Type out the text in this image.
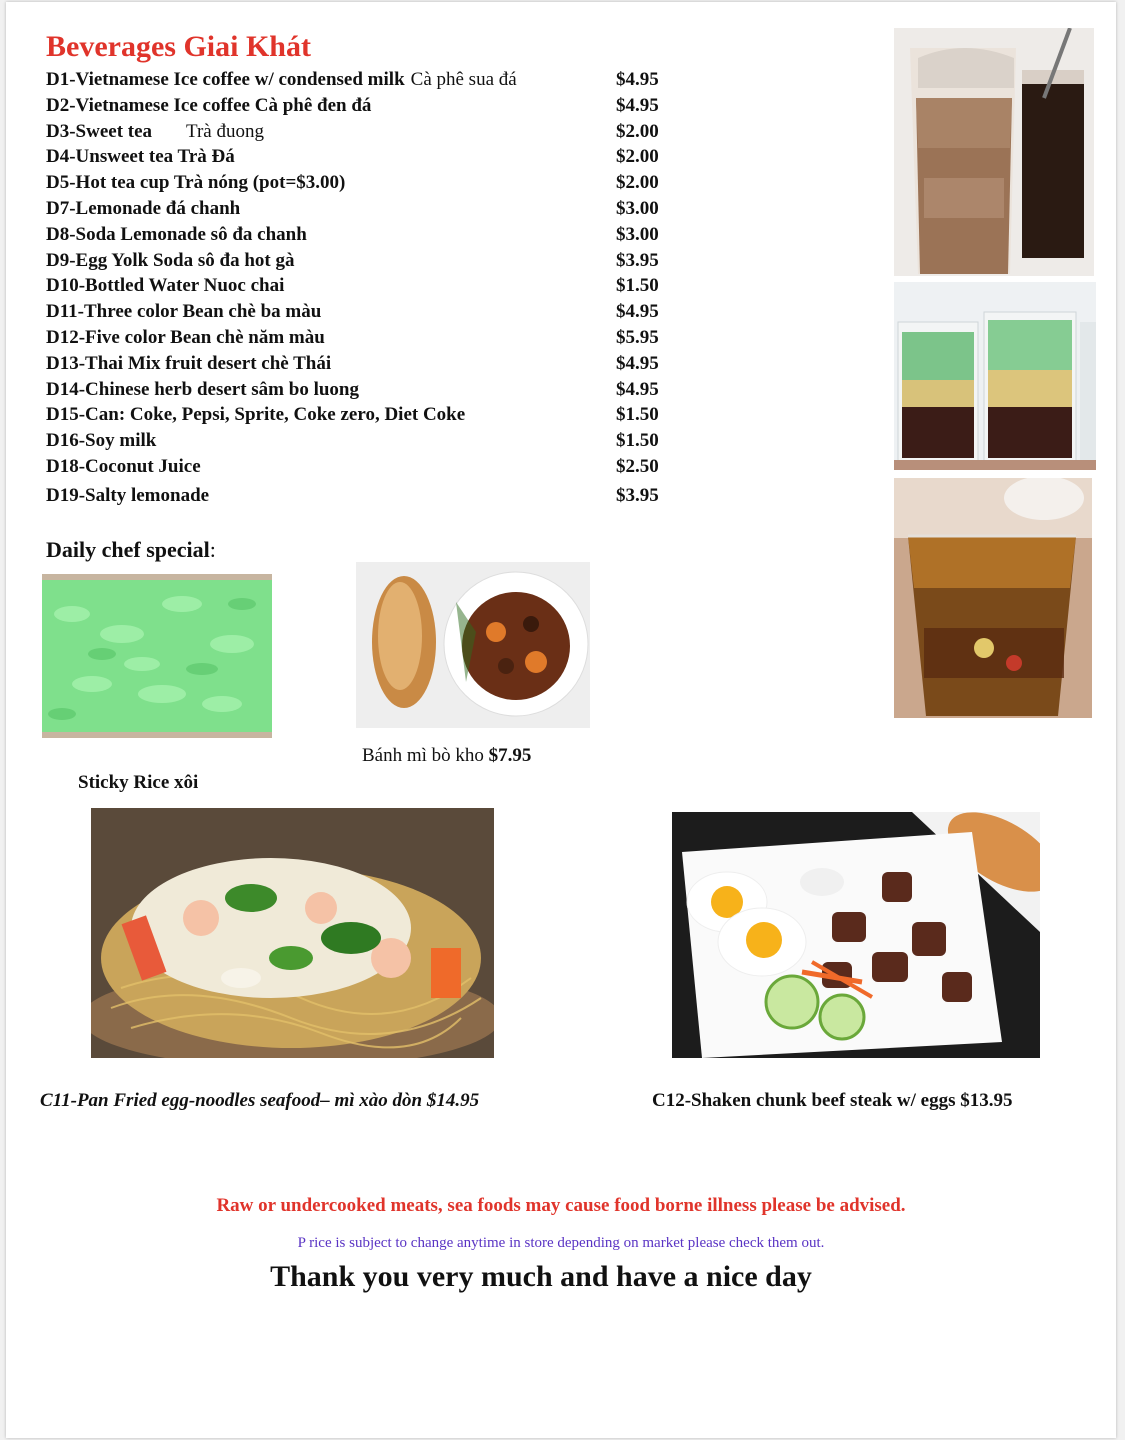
Beverages Giai Khát
D1-Vietnamese Ice coffee w/ condensed milk Cà phê sua đá	$4.95
D2-Vietnamese Ice coffee Cà phê đen đá	$4.95
D3-Sweet tea Trà đuong	$2.00
D4-Unsweet tea Trà Đá	$2.00
D5-Hot tea cup Trà nóng (pot=$3.00)	$2.00
D7-Lemonade đá chanh	$3.00
D8-Soda Lemonade sô đa chanh	$3.00
D9-Egg Yolk Soda sô đa hot gà	$3.95
D10-Bottled Water Nuoc chai	$1.50
D11-Three color Bean chè ba màu	$4.95
D12-Five color Bean chè năm màu	$5.95
D13-Thai Mix fruit desert chè Thái	$4.95
D14-Chinese herb desert sâm bo luong	$4.95
D15-Can: Coke, Pepsi, Sprite, Coke zero, Diet Coke	$1.50
D16-Soy milk	$1.50
D18-Coconut Juice	$2.50
D19-Salty lemonade	$3.95
Daily chef special:
Bánh mì bò kho $7.95
Sticky Rice xôi
C11-Pan Fried egg-noodles seafood– mì xào dòn $14.95	C12-Shaken chunk beef steak w/ eggs $13.95
Raw or undercooked meats, sea foods may cause food borne illness please be advised.
P rice is subject to change anytime in store depending on market please check them out.
Thank you very much and have a nice day
